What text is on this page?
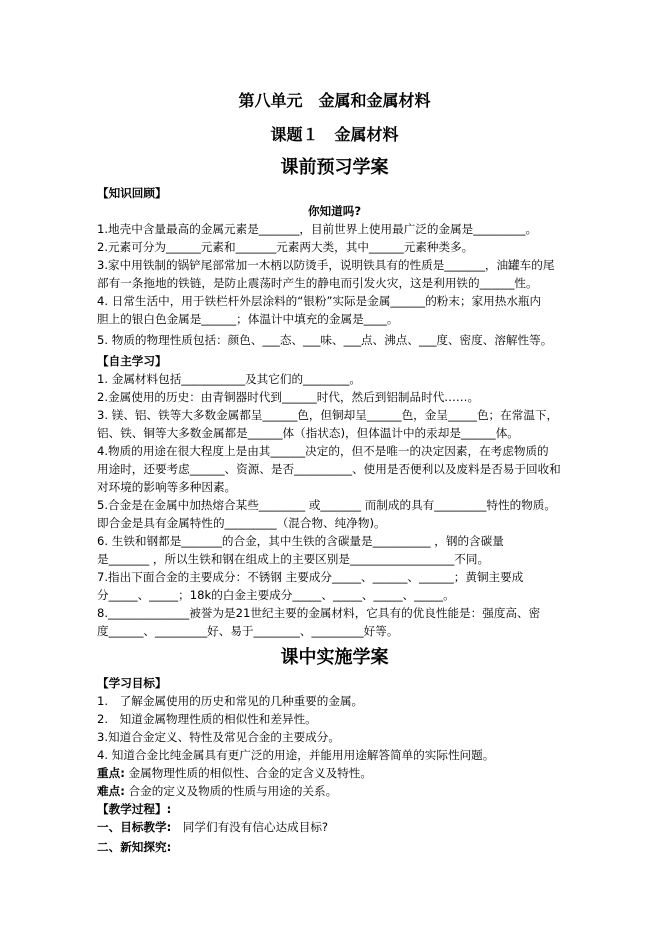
第八单元　金属和金属材料
课题１　金属材料
课前预习学案
【知识回顾】
你知道吗?
1.地壳中含量最高的金属元素是_______，目前世界上使用最广泛的金属是_________。
2.元素可分为______元素和_______元素两大类，其中______元素种类多。
3.家中用铁制的锅铲尾部常加一木柄以防烫手，说明铁具有的性质是_______，油罐车的尾
部有一条拖地的铁链，是防止震荡时产生的静电而引发火灾，这是利用铁的______性。
4. 日常生活中，用于铁栏杆外层涂料的“银粉”实际是金属______的粉末；家用热水瓶内
胆上的银白色金属是______；体温计中填充的金属是____。
5. 物质的物理性质包括：颜色、___态、___味、___点、沸点、___度、密度、溶解性等。
【自主学习】
1. 金属材料包括___________及其它们的________。
2.金属使用的历史：由青铜器时代到______时代，然后到铝制品时代……。
3. 镁、铝、铁等大多数金属都呈______色，但铜却呈______色，金呈_____色；在常温下，
铝、铁、铜等大多数金属都是______体（指状态)，但体温计中的汞却是______体。
4.物质的用途在很大程度上是由其______决定的，但不是唯一的决定因素，在考虑物质的
用途时，还要考虑______、资源、是否__________、使用是否便利以及废料是否易于回收和
对环境的影响等多种因素。
5.合金是在金属中加热熔合某些________ 或_______ 而制成的具有_________特性的物质。
即合金是具有金属特性的_________（混合物、纯净物)。
6. 生铁和钢都是_______的合金，其中生铁的含碳量是__________ ，钢的含碳量
是_______ ，所以生铁和钢在组成上的主要区别是__________________不同。
7.指出下面合金的主要成分：不锈钢 主要成分_____、______、______；黄铜主要成
分_____、_____；18k的白金主要成分_____、_____、_____、_____。
8.______________被誉为是21世纪主要的金属材料，它具有的优良性能是：强度高、密
度______、_________好、易于________、_________好等。
课中实施学案
【学习目标】
1.　了解金属使用的历史和常见的几种重要的金属。
2.　知道金属物理性质的相似性和差异性。
3.知道合金定义、特性及常见合金的主要成分。
4. 知道合金比纯金属具有更广泛的用途，并能用用途解答简单的实际性问题。
重点: 金属物理性质的相似性、合金的定含义及特性。
难点: 合金的定义及物质的性质与用途的关系。
【教学过程】:
一、目标教学:　同学们有没有信心达成目标?
二、新知探究:
